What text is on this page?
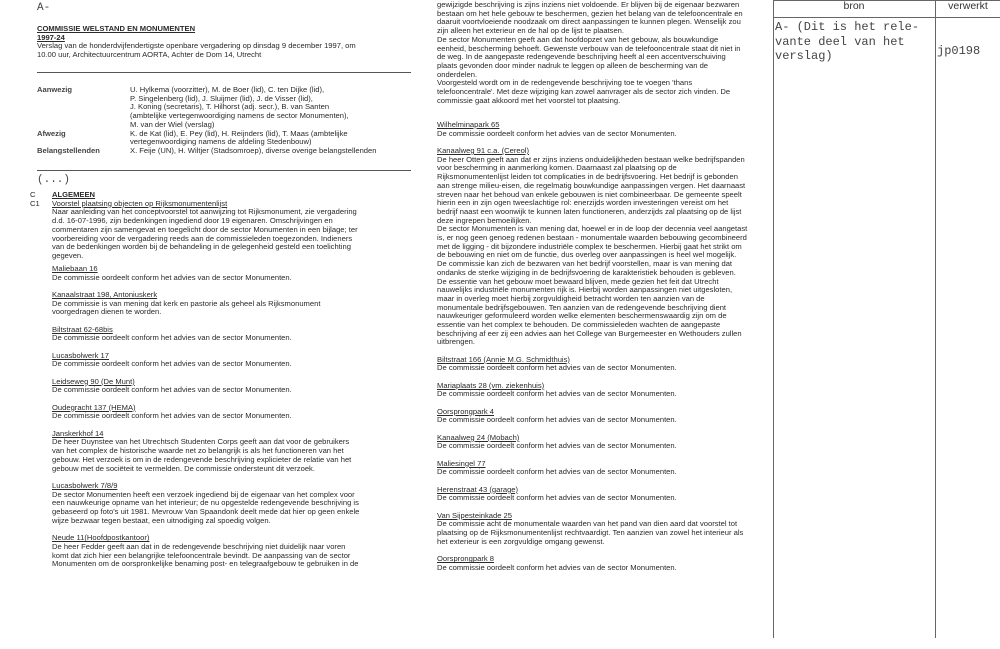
A-
COMMISSIE WELSTAND EN MONUMENTEN
1997-24
Verslag van de honderdvijfendertigste openbare vergadering op dinsdag 9 december 1997, om
10.00 uur, Architectuurcentrum AORTA, Achter de Dom 14, Utrecht
Aanwezig	U. Hylkema (voorzitter), M. de Boer (lid), C. ten Dijke (lid),
P. Singelenberg (lid), J. Sluijmer (lid), J. de Visser (lid),
J. Koning (secretaris), T. Hilhorst (adj. secr.), B. van Santen
(ambtelijke vertegenwoordiging namens de sector Monumenten),
M. van der Wiel (verslag)
Afwezig	K. de Kat (lid), E. Pey (lid), H. Reijnders (lid), T. Maas (ambtelijke
vertegenwoordiging namens de afdeling Stedenbouw)
Belangstellenden	X. Feije (UN), H. Wiltjer (Stadsomroep), diverse overige belangstellenden
(...)
C	ALGEMEEN
C1	Voorstel plaatsing objecten op Rijksmonumentenlijst
Naar aanleiding van het conceptvoorstel tot aanwijzing tot Rijksmonument, zie vergadering
d.d. 16-07-1996, zijn bedenkingen ingediend door 19 eigenaren. Omschrijvingen en
commentaren zijn samengevat en toegelicht door de sector Monumenten in een bijlage; ter
voorbereiding voor de vergadering reeds aan de commissieleden toegezonden. Indieners
van de bedenkingen worden bij de behandeling in de gelegenheid gesteld een toelichting
gegeven.
Maliebaan 16
De commissie oordeelt conform het advies van de sector Monumenten.
Kanaalstraat 198, Antoniuskerk
De commissie is van mening dat kerk en pastorie als geheel als Rijksmonument
voorgedragen dienen te worden.
Biltstraat 62-68bis
De commissie oordeelt conform het advies van de sector Monumenten.
Lucasbolwerk 17
De commissie oordeelt conform het advies van de sector Monumenten.
Leidseweg 90 (De Munt)
De commissie oordeelt conform het advies van de sector Monumenten.
Oudegracht 137 (HEMA)
De commissie oordeelt conform het advies van de sector Monumenten.
Janskerkhof 14
De heer Duynstee van het Utrechtsch Studenten Corps geeft aan dat voor de gebruikers
van het complex de historische waarde net zo belangrijk is als het functioneren van het
gebouw. Het verzoek is om in de redengevende beschrijving explicieter de relatie van het
gebouw met de sociëteit te vermelden. De commissie ondersteunt dit verzoek.
Lucasbolwerk 7/8/9
De sector Monumenten heeft een verzoek ingediend bij de eigenaar van het complex voor
een nauwkeurige opname van het interieur; de nu opgestelde redengevende beschrijving is
gebaseerd op foto's uit 1981. Mevrouw Van Spaandonk deelt mede dat hier op geen enkele
wijze bezwaar tegen bestaat, een uitnodiging zal spoedig volgen.
Neude 11(Hoofdpostkantoor)
De heer Fedder geeft aan dat in de redengevende beschrijving niet duidelijk naar voren
komt dat zich hier een belangrijke telefooncentrale bevindt. De aanpassing van de sector
Monumenten om de oorspronkelijke benaming post- en telegraafgebouw te gebruiken in de
gewijzigde beschrijving is zijns inziens niet voldoende. Er blijven bij de eigenaar bezwaren
bestaan om het hele gebouw te beschermen, gezien het belang van de telefooncentrale en
daaruit voortvloeiende noodzaak om direct aanpassingen te kunnen plegen. Wenselijk zou
zijn alleen het exterieur en de hal op de lijst te plaatsen.
De sector Monumenten geeft aan dat hoofdopzet van het gebouw, als bouwkundige
eenheid, bescherming behoeft. Gewenste verbouw van de telefooncentrale staat dit niet in
de weg. In de aangepaste redengevende beschrijving heeft al een accentverschuiving
plaats gevonden door minder nadruk te leggen op alleen de bescherming van de
onderdelen.
Voorgesteld wordt om in de redengevende beschrijving toe te voegen 'thans
telefooncentrale'. Met deze wijziging kan zowel aanvrager als de sector zich vinden. De
commissie gaat akkoord met het voorstel tot plaatsing.
Wilhelminapark 65
De commissie oordeelt conform het advies van de sector Monumenten.
Kanaalweg 91 c.a. (Cereol)
De heer Otten geeft aan dat er zijns inziens onduidelijkheden bestaan welke bedrijfspanden
voor bescherming in aanmerking komen. Daarnaast zal plaatsing op de
Rijksmonumentenlijst leiden tot complicaties in de bedrijfsvoering. Het bedrijf is gebonden
aan strenge milieu-eisen, die regelmatig bouwkundige aanpassingen vergen. Het daarnaast
streven naar het behoud van enkele gebouwen is niet combineerbaar. De gemeente speelt
hierin een in zijn ogen tweeslachtige rol: enerzijds worden investeringen vereist om het
bedrijf naast een woonwijk te kunnen laten functioneren, anderzijds zal plaatsing op de lijst
deze ingrepen bemoeilijken.
De sector Monumenten is van mening dat, hoewel er in de loop der decennia veel aangetast
is, er nog geen genoeg redenen bestaan - monumentale waarden bebouwing gecombineerd
met de ligging - dit bijzondere industriële complex te beschermen. Hierbij gaat het strikt om
de bebouwing en niet om de functie, dus overleg over aanpassingen is heel wel mogelijk.
De commissie kan zich de bezwaren van het bedrijf voorstellen, maar is van mening dat
ondanks de sterke wijziging in de bedrijfsvoering de karakteristiek behouden is gebleven.
De essentie van het gebouw moet bewaard blijven, mede gezien het feit dat Utrecht
nauwelijks industriële monumenten rijk is. Hierbij worden aanpassingen niet uitgesloten,
maar in overleg moet hierbij zorgvuldigheid betracht worden ten aanzien van de
monumentale bedrijfsgebouwen. Ten aanzien van de redengevende beschrijving dient
nauwkeuriger geformuleerd worden welke elementen beschermenswaardig zijn om de
essentie van het complex te behouden. De commissieleden wachten de aangepaste
beschrijving af eer zij een advies aan het College van Burgemeester en Wethouders zullen
uitbrengen.
Biltstraat 166 (Annie M.G. Schmidthuis)
De commissie oordeelt conform het advies van de sector Monumenten.
Mariaplaats 28 (vm. ziekenhuis)
De commissie oordeelt conform het advies van de sector Monumenten.
Oorsprongpark 4
De commissie oordeelt conform het advies van de sector Monumenten.
Kanaalweg 24 (Mobach)
De commissie oordeelt conform het advies van de sector Monumenten.
Maliesingel 77
De commissie oordeelt conform het advies van de sector Monumenten.
Herenstraat 43 (garage)
De commissie oordeelt conform het advies van de sector Monumenten.
Van Sijpesteinkade 25
De commissie acht de monumentale waarden van het pand van dien aard dat voorstel tot
plaatsing op de Rijksmonumentenlijst rechtvaardigt. Ten aanzien van zowel het interieur als
het exterieur is een zorgvuldige omgang gewenst.
Oorsprongpark 8
De commissie oordeelt conform het advies van de sector Monumenten.
bron	verwerkt
A- (Dit is het rele-
vante deel van het
verslag)	jp0198
